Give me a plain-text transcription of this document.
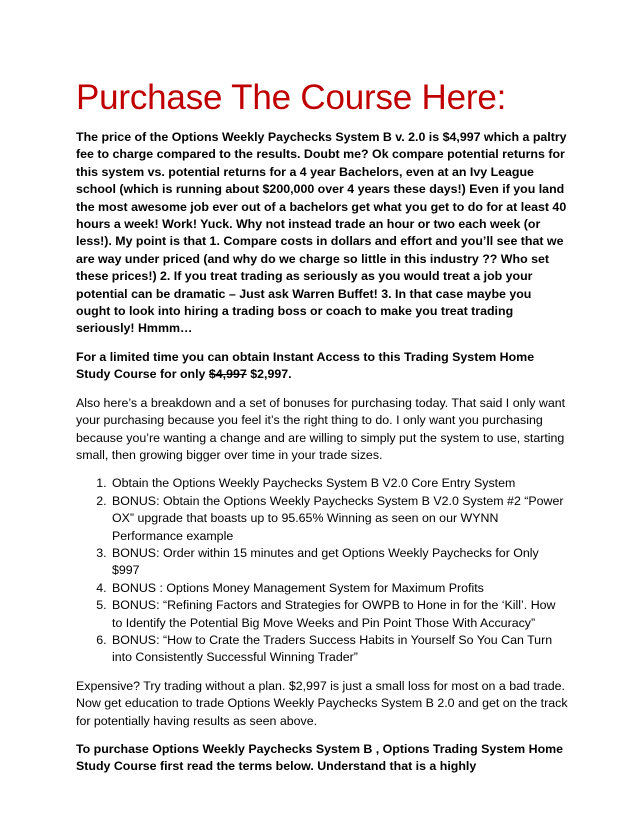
Purchase The Course Here:

The price of the Options Weekly Paychecks System B v. 2.0 is $4,997 which a paltry fee to charge compared to the results. Doubt me? Ok compare potential returns for this system vs. potential returns for a 4 year Bachelors, even at an Ivy League school (which is running about $200,000 over 4 years these days!) Even if you land the most awesome job ever out of a bachelors get what you get to do for at least 40 hours a week! Work! Yuck. Why not instead trade an hour or two each week (or less!). My point is that 1. Compare costs in dollars and effort and you’ll see that we are way under priced (and why do we charge so little in this industry ?? Who set these prices!) 2. If you treat trading as seriously as you would treat a job your potential can be dramatic – Just ask Warren Buffet! 3. In that case maybe you ought to look into hiring a trading boss or coach to make you treat trading seriously! Hmmm…

For a limited time you can obtain Instant Access to this Trading System Home Study Course for only $4,997 $2,997.

Also here’s a breakdown and a set of bonuses for purchasing today. That said I only want your purchasing because you feel it’s the right thing to do. I only want you purchasing because you’re wanting a change and are willing to simply put the system to use, starting small, then growing bigger over time in your trade sizes.

1. Obtain the Options Weekly Paychecks System B V2.0 Core Entry System
2. BONUS: Obtain the Options Weekly Paychecks System B V2.0 System #2 “Power OX” upgrade that boasts up to 95.65% Winning as seen on our WYNN Performance example
3. BONUS: Order within 15 minutes and get Options Weekly Paychecks for Only $997
4. BONUS : Options Money Management System for Maximum Profits
5. BONUS: “Refining Factors and Strategies for OWPB to Hone in for the ‘Kill’. How to Identify the Potential Big Move Weeks and Pin Point Those With Accuracy”
6. BONUS: “How to Crate the Traders Success Habits in Yourself So You Can Turn into Consistently Successful Winning Trader”

Expensive? Try trading without a plan. $2,997 is just a small loss for most on a bad trade. Now get education to trade Options Weekly Paychecks System B 2.0 and get on the track for potentially having results as seen above.

To purchase Options Weekly Paychecks System B , Options Trading System Home Study Course first read the terms below. Understand that is a highly
